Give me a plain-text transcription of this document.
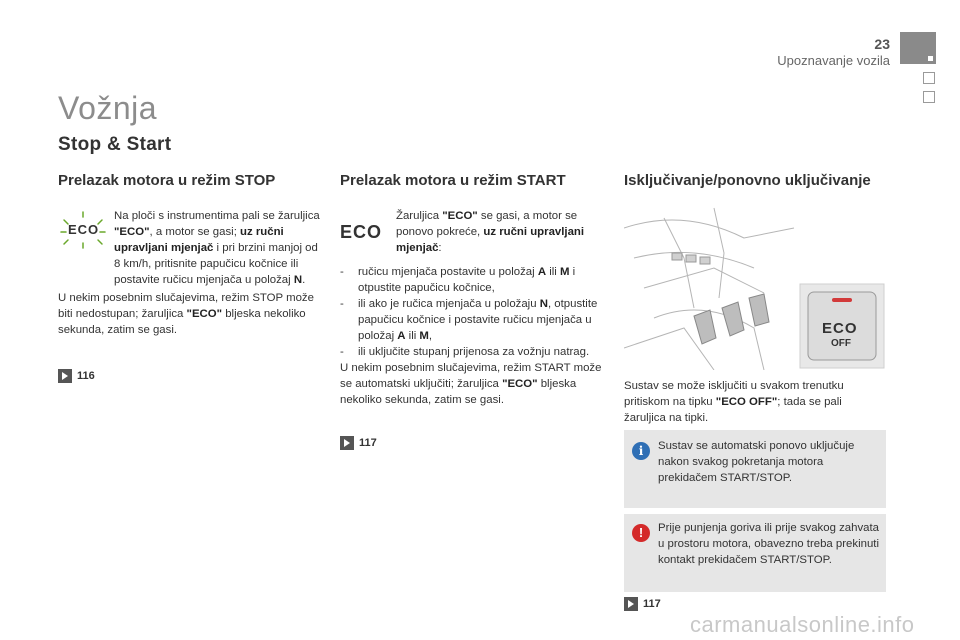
23
Upoznavanje vozila
Vožnja
Stop & Start
Prelazak motora u režim STOP
ECO
Na ploči s instrumentima pali se žaruljica "ECO", a motor se gasi; uz ručni upravljani mjenjač i pri brzini manjoj od 8 km/h, pritisnite papučicu kočnice ili postavite ručicu mjenjača u položaj N.
U nekim posebnim slučajevima, režim STOP može biti nedostupan; žaruljica "ECO" bljeska nekoliko sekunda, zatim se gasi.
116
Prelazak motora u režim START
ECO
Žaruljica "ECO" se gasi, a motor se ponovo pokreće, uz ručni upravljani mjenjač:
- ručicu mjenjača postavite u položaj A ili M i otpustite papučicu kočnice,
- ili ako je ručica mjenjača u položaju N, otpustite papučicu kočnice i postavite ručicu mjenjača u položaj A ili M,
- ili uključite stupanj prijenosa za vožnju natrag.
U nekim posebnim slučajevima, režim START može se automatski uključiti; žaruljica "ECO" bljeska nekoliko sekunda, zatim se gasi.
117
Isključivanje/ponovno uključivanje
ECO
OFF
Sustav se može isključiti u svakom trenutku pritiskom na tipku "ECO OFF"; tada se pali žaruljica na tipki.
i	Sustav se automatski ponovo uključuje nakon svakog pokretanja motora prekidačem START/STOP.
!	Prije punjenja goriva ili prije svakog zahvata u prostoru motora, obavezno treba prekinuti kontakt prekidačem START/STOP.
117
carmanualsonline.info
